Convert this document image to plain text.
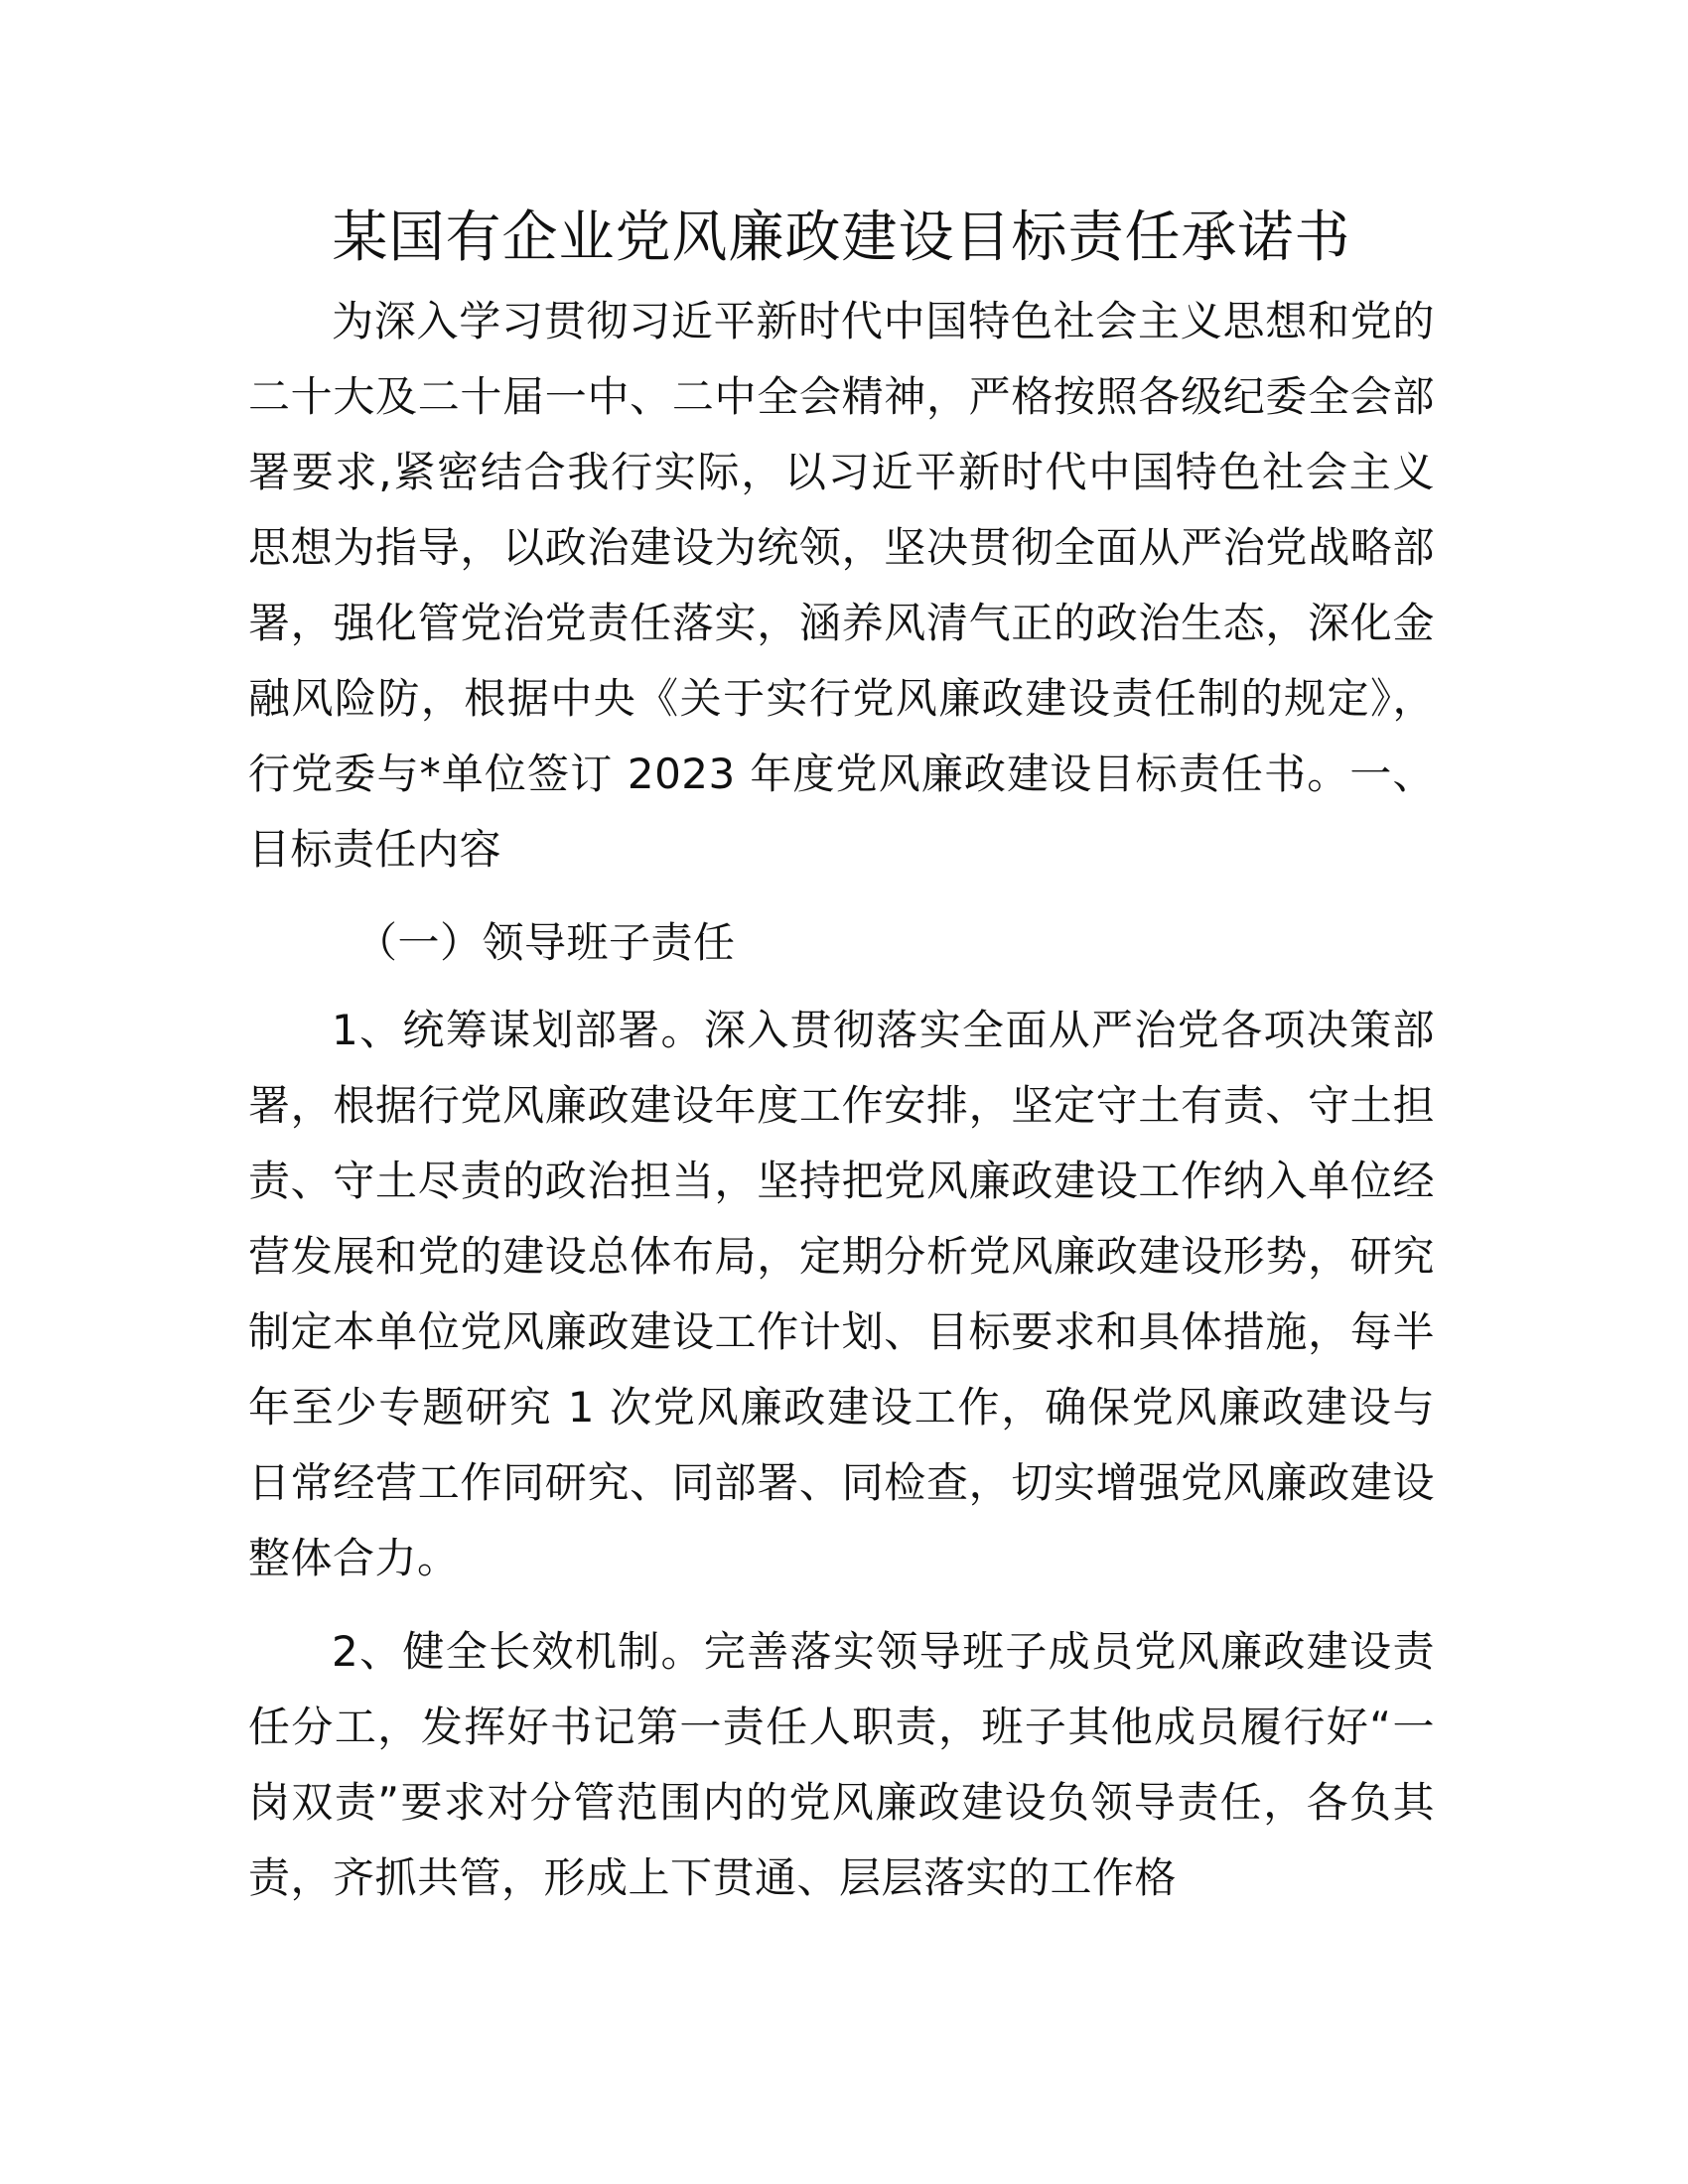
某国有企业党风廉政建设目标责任承诺书

为深入学习贯彻习近平新时代中国特色社会主义思想和党的二十大及二十届一中、二中全会精神，严格按照各级纪委全会部署要求,紧密结合我行实际，以习近平新时代中国特色社会主义思想为指导，以政治建设为统领，坚决贯彻全面从严治党战略部署，强化管党治党责任落实，涵养风清气正的政治生态，深化金融风险防，根据中央《关于实行党风廉政建设责任制的规定》，行党委与*单位签订 2023 年度党风廉政建设目标责任书。一、目标责任内容

（一）领导班子责任

1、统筹谋划部署。深入贯彻落实全面从严治党各项决策部署，根据行党风廉政建设年度工作安排，坚定守土有责、守土担责、守土尽责的政治担当，坚持把党风廉政建设工作纳入单位经营发展和党的建设总体布局，定期分析党风廉政建设形势，研究制定本单位党风廉政建设工作计划、目标要求和具体措施，每半年至少专题研究 1 次党风廉政建设工作，确保党风廉政建设与日常经营工作同研究、同部署、同检查，切实增强党风廉政建设整体合力。

2、健全长效机制。完善落实领导班子成员党风廉政建设责任分工，发挥好书记第一责任人职责，班子其他成员履行好“一岗双责”要求对分管范围内的党风廉政建设负领导责任，各负其责，齐抓共管，形成上下贯通、层层落实的工作格
